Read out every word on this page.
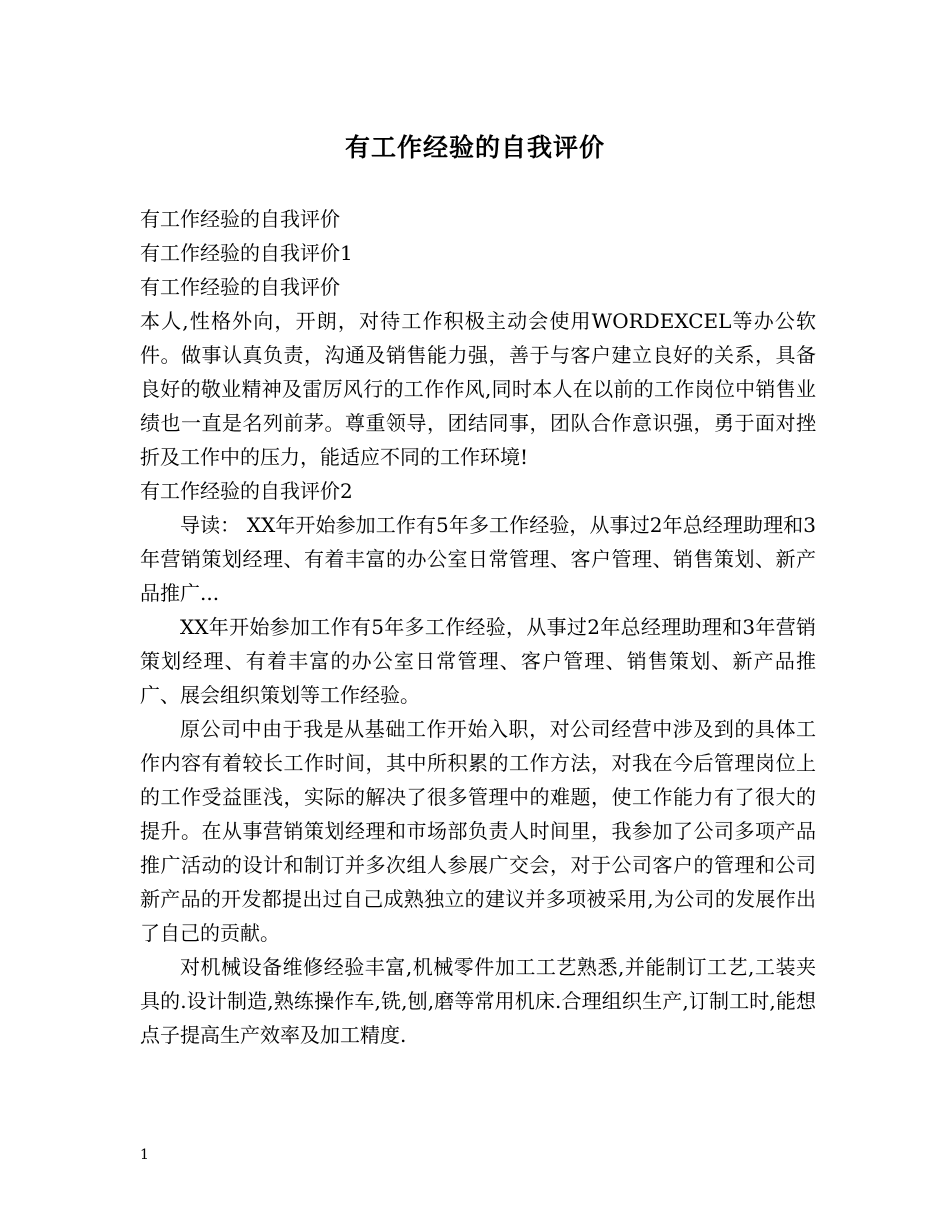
有工作经验的自我评价

有工作经验的自我评价

有工作经验的自我评价1

有工作经验的自我评价

本人,性格外向，开朗，对待工作积极主动会使用WORDEXCEL等办公软件。做事认真负责，沟通及销售能力强，善于与客户建立良好的关系，具备良好的敬业精神及雷厉风行的工作作风,同时本人在以前的工作岗位中销售业绩也一直是名列前茅。尊重领导，团结同事，团队合作意识强，勇于面对挫折及工作中的压力，能适应不同的工作环境!

有工作经验的自我评价2

导读： XX年开始参加工作有5年多工作经验，从事过2年总经理助理和3年营销策划经理、有着丰富的办公室日常管理、客户管理、销售策划、新产品推广...

XX年开始参加工作有5年多工作经验，从事过2年总经理助理和3年营销策划经理、有着丰富的办公室日常管理、客户管理、销售策划、新产品推广、展会组织策划等工作经验。

原公司中由于我是从基础工作开始入职，对公司经营中涉及到的具体工作内容有着较长工作时间，其中所积累的工作方法，对我在今后管理岗位上的工作受益匪浅，实际的解决了很多管理中的难题，使工作能力有了很大的提升。在从事营销策划经理和市场部负责人时间里，我参加了公司多项产品推广活动的设计和制订并多次组人参展广交会，对于公司客户的管理和公司新产品的开发都提出过自己成熟独立的建议并多项被采用,为公司的发展作出了自己的贡献。

对机械设备维修经验丰富,机械零件加工工艺熟悉,并能制订工艺,工装夹具的.设计制造,熟练操作车,铣,刨,磨等常用机床.合理组织生产,订制工时,能想点子提高生产效率及加工精度.

1
